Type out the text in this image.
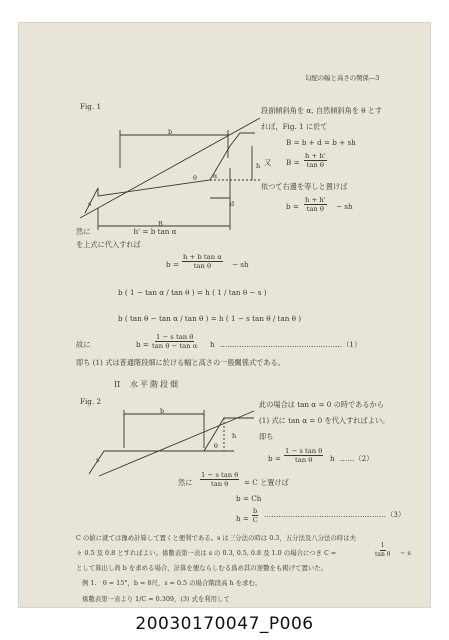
勾配の幅と高さの関係—3
Fig. 1
b
θ	α
h
d
s
B
段面傾斜角を α, 自然傾斜角を θ とす
れば，Fig. 1 に於て
B = b + d = b + sh
又 $B = \frac{h + h'}{\text{tan θ}}$
依つて右邊を等しと置けば
$b = \frac{h + h'}{\text{tan θ}}$ − sh
然に　　　　　　h' = b tan α
を上式に代入すれば
$b = \frac{\text{h + b tan α}}{\text{tan θ}}$ − sh
b ( 1 − tan α / tan θ ) = h ( 1 / tan θ − s )
b ( tan θ − tan α / tan θ ) = h ( 1 − s tan θ / tan θ )
故に	$b = \frac{\text{1 − s tan θ}}{\text{tan θ − tan α}}$ h ……………………………………………（1）
即ち (1) 式は普通階段畑に於ける幅と高さの一般關係式である。
II 水平階段畑
Fig. 2
b
h
θ
s
此の場合は tan α = 0 の時であるから
(1) 式に tan α = 0 を代入すればよい。
即ち
$b = \frac{\text{1 − s tan θ}}{\text{tan θ}}$ h ……（2）
然に $\frac{\text{1 − s tan θ}}{\text{tan θ}} = C$ と置けば
b = Ch
$h = \frac{b}{C}$ ……………………………………………（3）
C の値に就ては豫め計算して置くと便利である。s は三分法の時は 0.3，五分法及八分法の時は夫
々 0.5 及 0.8 とすればよい。係數表第一表は s の 0.3, 0.5, 0.8 及 1.0 の場合につき C =	$\frac{1}{\text{tan θ}} - s$
として算出し尚 b を求める場合，計算を便ならしむる爲め其の逆數をも掲げて置いた。
例 1.　θ = 15°，b = 8尺，s = 0.5 の場合階段高 h を求む。
係數表第一表より 1/C = 0.309，(3) 式を利用して
20030170047_P006
